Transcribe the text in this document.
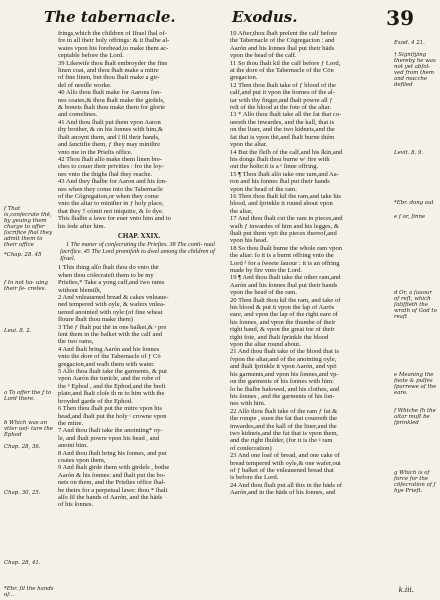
The tabernacle.	Exodus.	39
frings,which the children of Iſrael ſhal of-
fre in all their holy offrings: & it ſhalbe al-
waies vpon his forehead,to make them ac-
ceptable before the Lord.
39 Likewiſe thou ſhalt embroyder the fine
linen coat, and thou ſhalt make a mitre
of fine linen, but thou ſhalt make a gir-
del of needle worke.
40 Alſo thou ſhalt make for Aarons ſon-
nes coates,& thou ſhalt make the girdels,
& bonets ſhalt thou make them for glorie
and comelines.
41 And thou ſhalt put them vpon Aaron
thy brother, & on his ſonnes with him,&
ſhalt anoynt them, and ſ fil their hands,
and ſanctifie them, ƒ they may miniſtre
vnto me in the Prieſts office.
42 Thou ſhalt alſo make them linen bre-
ches to couer their privities : fro the loy-
nes vnto the thighs ſhal they reache.
43 And they ſhalbe for Aaron and his ſon-
nes when they come into the Tabernacle
of the Cógregation,or when they come
vnto the altar to miniſter in ƒ holy place,
that they † cómit not iniquitie, & ſo dye.
This ſhalbe a lawe for euer vnto him and to
his ſede after him.
CHAP. XXIX.
1 The maner of conſecrating the Prieſtes. 38 The conti- nual ſacrifice. 45 The Lord promiſeth to dwel among the children of Iſrael.
1 This thing alſo ſhalt thou do vnto thē
when thou cōſecrateſt them to be my
Prieſtes,* Take a yong calf,and two rams
without blemiſh,
2 And vnleauened bread & cakes vnleaue-
ned tempered with oyle, & wafers vnlea-
uened anointed with oyle:(of fine wheat
floure ſhalt thou make them)
3 Thē ƒ ſhalt put thē in one baſket,& ᵃ pre
ſent them in the baſket with the calf and
the two rams,
4 And ſhalt bring Aarón and his ſonnes
vnto the dore of the Tabernacle of ƒ Cō
gregacion,and waſh them with water.
5 Alſo thou ſhalt take the garments, & put
vpon Aarón the tunicle, and the robe of
the ᵇ Ephod , and the Ephod,and the breſt
plate,and ſhalt cloſe th m to him with the
broyded garde of the Ephod.
6 Then thou ſhalt put the mitre vpon his
head,and ſhalt put the holy ᶜ crowne vpon
the mitre.
7 And thou ſhalt take the anointing* oy-
le, and ſhalt powre vpon his head , and
anoint him.
8 And thou ſhalt bring his ſonnes, and put
coates vpon them,
9 And ſhalt girde them with girdels , bothe
Aarón & his ſonnes: and ſhalt put the bo-
nets on them, and the Prieſtes office ſhal-
be theirs for a perpetual lawe: thou * ſhalt
alſo ſil the hands of Aarón, and the hāds
of his ſonnes.
10 After,thou ſhalt preſent the calf before
the Tabernacle of the Cōgregacion : and
Aarón and his ſonnes ſhal put their hāds
vpon the head of the calf.
11 So thou ſhalt kil the calf before ƒ Lord,
at the dore of the Tabernacle of the Cōn
gregacion.
12 Then thou ſhalt take of ƒ blood of the
calf,and put it vpon the hornes of the al-
tar with thy finger,and ſhalt powre all ƒ
reſt of the blood at the fote of the altar.
13 * Alſo thou ſhalt take all the fat that co-
uereth the inwardes, and the kall, that is
on the liuer, and the two kidneis,and the
fat that is vpon thē,and ſhalt burne thém
vpon the altar.
14 But the fleſh of the calf,and his ſkin,and
his dongs ſhalt thou burne wᵗ fire with
out the hoſte:it is a ᵉ ſinne offring.
15 ¶ Thou ſhalt alſo take one ram,and Aa-
ron and his ſonnes ſhal put their hands
vpon the head of the ram.
16 Then thou ſhalt kil the ram,and take his
blood, and ſprinkle it round about vpon
the altar,
17 And thou ſhalt cut the ram in pieces,and
waſh ƒ inwardes of him and his legges, &
ſhalt put them vpō the pieces thereof,and
vpon his head.
18 So thou ſhalt burne the whole ram vpon
the altar: ſo it is a burnt offring vnto the
Lord ᵈ for a ſweete ſauour : it is an offring
made by fire vnto the Lord.
19 ¶ And thou ſhalt take the other ram,and
Aarón and his ſonnes ſhal put their hands
vpon the head of the ram.
20 Then ſhalt thou kil the ram, and take of
his blood & put it vpon the lap of Aarōs
eare, and vpon the lap of the right eare of
his ſonnes, and vpon the thumbe of their
right hand, & vpon the great toe of their
right fote, and ſhalt ſprinkle the blood
vpon the altar round about.
21 And thou ſhalt take of the blood that is
ſvpon the altar,and of the anointing oyle,
and ſhalt ſprinkle it vpon Aarón, and vpō
his garments,and vpon his ſonnes,and vp-
on the garments of his ſonnes with him:
ſo he ſhalbe halowed, and his clothes, and
his ſonnes , and the garments of his ſon-
nes with him.
22 Alſo thou ſhalt take of the ram ƒ fat &
the rompe , euen the fat that couereth the
inwardes,and the kall of the liuer,and the
two kidneis,and the fat that is vpon them,
and the right ſhulder, (for it is the ᵍ ram
of conſecration)
23 And one loaf of bread, and one cake of
bread tempered with oyle,& one wafer,out
of ƒ baſket of the vnleauened bread that
is before the Lord.
24 And thou ſhalt put all this in the hāds of
Aarón,and in the hāds of his ſonnes, and
ſ That is,conſecrate thē, by geuing them charge to offer ſacrifice ſhal they admit them to their office
*Chap. 28. 45
ſ In not ha- uing their ſe- cretes.
Leui. 8. 2.
a To offer the ƒ to Lord there.
b Which was an vtter ueſ- ture the Ephod
Chap. 28, 36.
Chap. 30, 25.
Chap. 28, 41.
*Ebr. ſil the hands of...
Exod. 4 21.
† Signifying thereby he was not yet abſol- ved from them and mucche defiled
Levit. 8, 9.
*Ebr. dong out
e ſ or, ſinne
d Or, a ſauour of reſt, which ſatiſfieth the wrath of God to reaſt
e Meaning the foote & pulſes ſparrewe of the eare.
f Whiche ſh the altar muſt be ſprinkled
g Which is of force for the cōſecration of ƒ hye Prieſt.
k.iii.
